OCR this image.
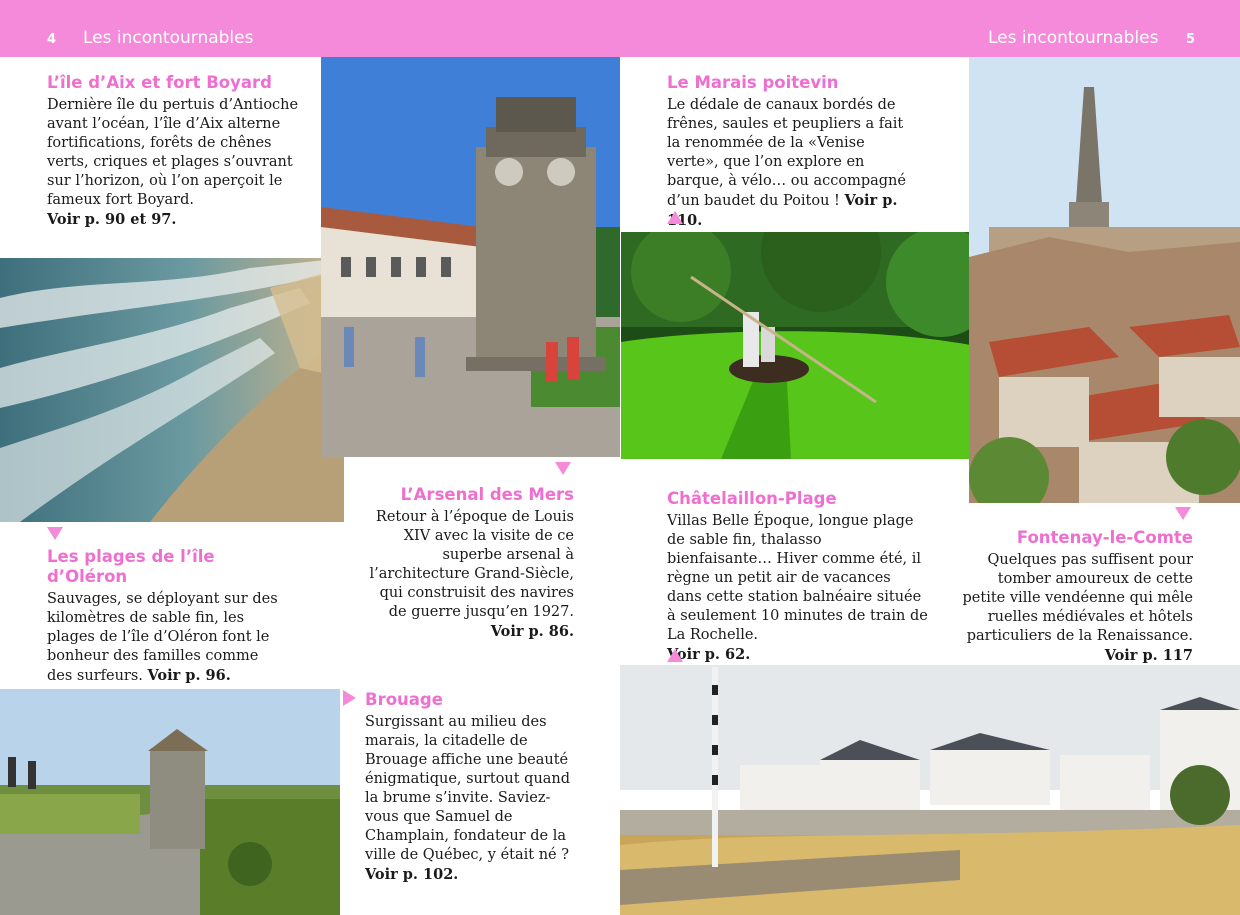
4 Les incontournables	Les incontournables 5

L’île d’Aix et fort Boyard

Dernière île du pertuis d’Antioche avant l’océan, l’île d’Aix alterne fortifications, forêts de chênes verts, criques et plages s’ouvrant sur l’horizon, où l’on aperçoit le fameux fort Boyard.
Voir p. 90 et 97.

Les plages de l’île d’Oléron

Sauvages, se déployant sur des kilomètres de sable fin, les plages de l’île d’Oléron font le bonheur des familles comme des surfeurs. Voir p. 96.

L’Arsenal des Mers

Retour à l’époque de Louis XIV avec la visite de ce superbe arsenal à l’architecture Grand-Siècle, qui construisit des navires de guerre jusqu’en 1927.
Voir p. 86.

Brouage

Surgissant au milieu des marais, la citadelle de Brouage affiche une beauté énigmatique, surtout quand la brume s’invite. Saviez-vous que Samuel de Champlain, fondateur de la ville de Québec, y était né ?
Voir p. 102.

Le Marais poitevin

Le dédale de canaux bordés de frênes, saules et peupliers a fait la renommée de la «Venise verte», que l’on explore en barque, à vélo… ou accompagné d’un baudet du Poitou ! Voir p. 110.

Châtelaillon-Plage

Villas Belle Époque, longue plage de sable fin, thalasso bienfaisante… Hiver comme été, il règne un petit air de vacances dans cette station balnéaire située à seulement 10 minutes de train de La Rochelle.
Voir p. 62.

Fontenay-le-Comte

Quelques pas suffisent pour tomber amoureux de cette petite ville vendéenne qui mêle ruelles médiévales et hôtels particuliers de la Renaissance. Voir p. 117
